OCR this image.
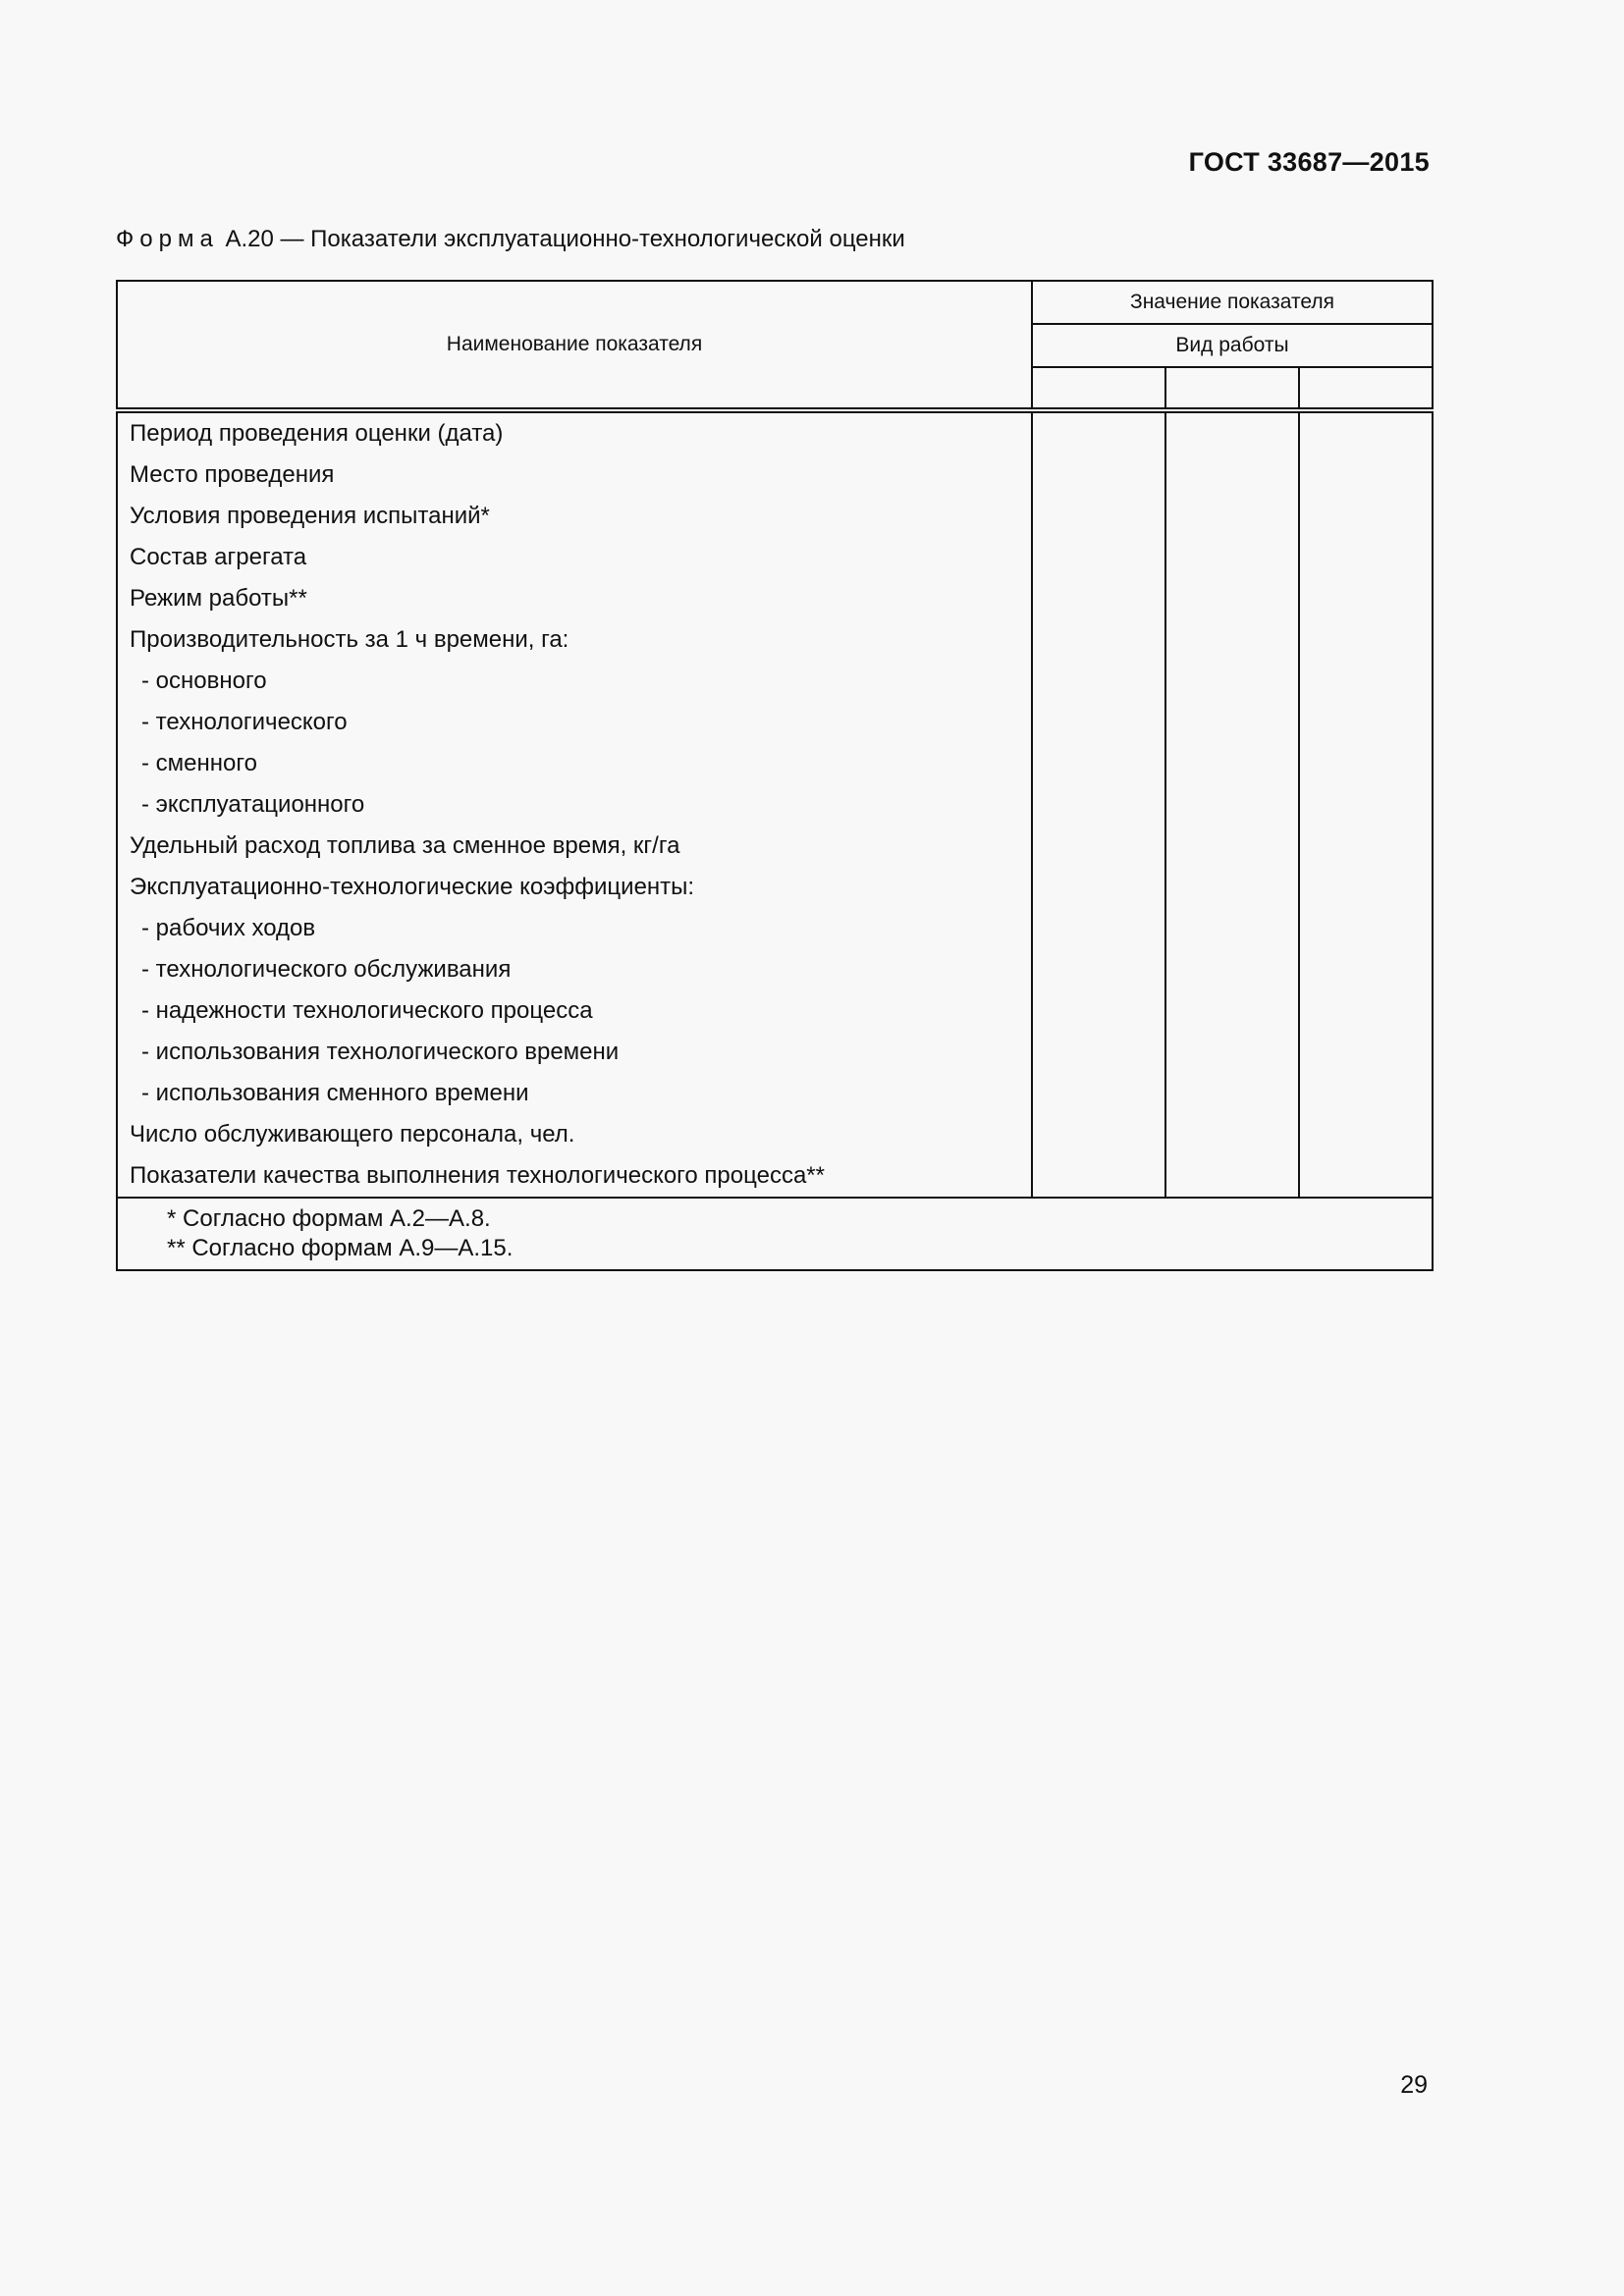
ГОСТ 33687—2015
Форма А.20 — Показатели эксплуатационно-технологической оценки
Наименование показателя	Значение показателя		
	Вид работы		

Период проведения оценки (дата)			
Место проведения			
Условия проведения испытаний*			
Состав агрегата			
Режим работы**			
Производительность за 1 ч времени, га:			
- основного			
- технологического			
- сменного			
- эксплуатационного			
Удельный расход топлива за сменное время, кг/га			
Эксплуатационно-технологические коэффициенты:			
- рабочих ходов			
- технологического обслуживания			
- надежности технологического процесса			
- использования технологического времени			
- использования сменного времени			
Число обслуживающего персонала, чел.			
Показатели качества выполнения технологического процесса**			

* Согласно формам А.2—А.8.
** Согласно формам А.9—А.15.			
29
